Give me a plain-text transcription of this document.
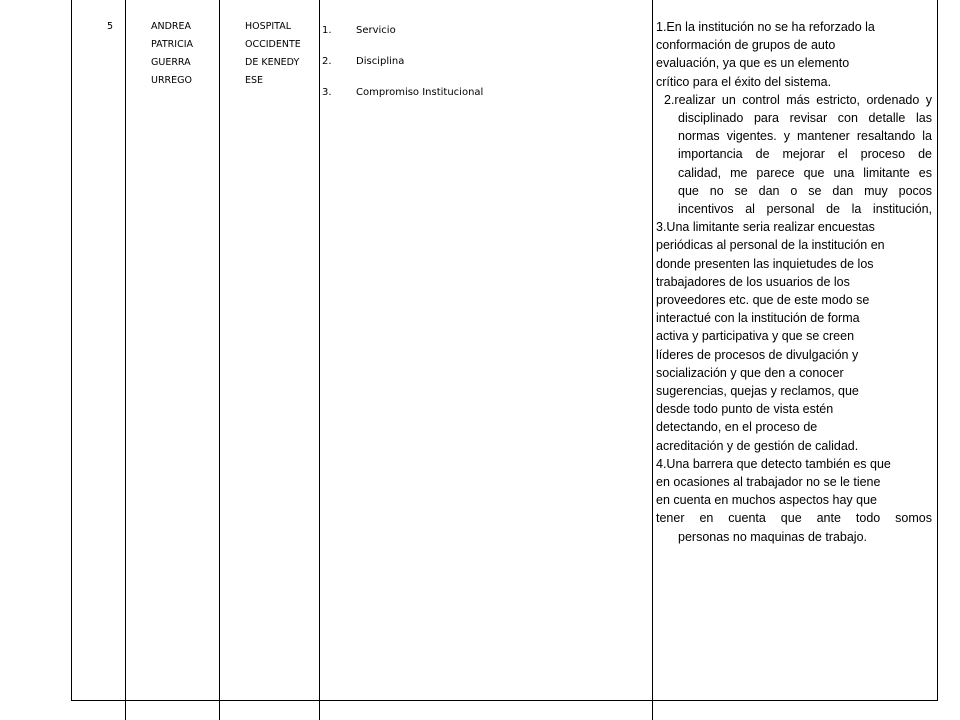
5	ANDREA
PATRICIA
GUERRA
URREGO
HOSPITAL
OCCIDENTE
DE KENEDY
ESE
1. Servicio
2. Disciplina
3. Compromiso Institucional

1.En la institución no se ha reforzado la

conformación de grupos de auto

evaluación, ya que es un elemento

crítico para el éxito del sistema.

2.realizar un control más estricto, ordenado y

disciplinado para revisar con detalle las

normas vigentes. y mantener resaltando la

importancia de mejorar el proceso de

calidad, me parece que una limitante es

que no se dan o se dan muy pocos

incentivos al personal de la institución,

3.Una limitante seria realizar encuestas

periódicas al personal de la institución en

donde presenten las inquietudes de los

trabajadores de los usuarios de los

proveedores etc. que de este modo se

interactué con la institución de forma

activa y participativa y que se creen

líderes de procesos de divulgación y

socialización y que den a conocer

sugerencias, quejas y reclamos, que

desde todo punto de vista estén

detectando, en el proceso de

acreditación y de gestión de calidad.

4.Una barrera que detecto también es que

en ocasiones al trabajador no se le tiene

en cuenta en muchos aspectos hay que

tener en cuenta que ante todo somos

personas no maquinas de trabajo.
